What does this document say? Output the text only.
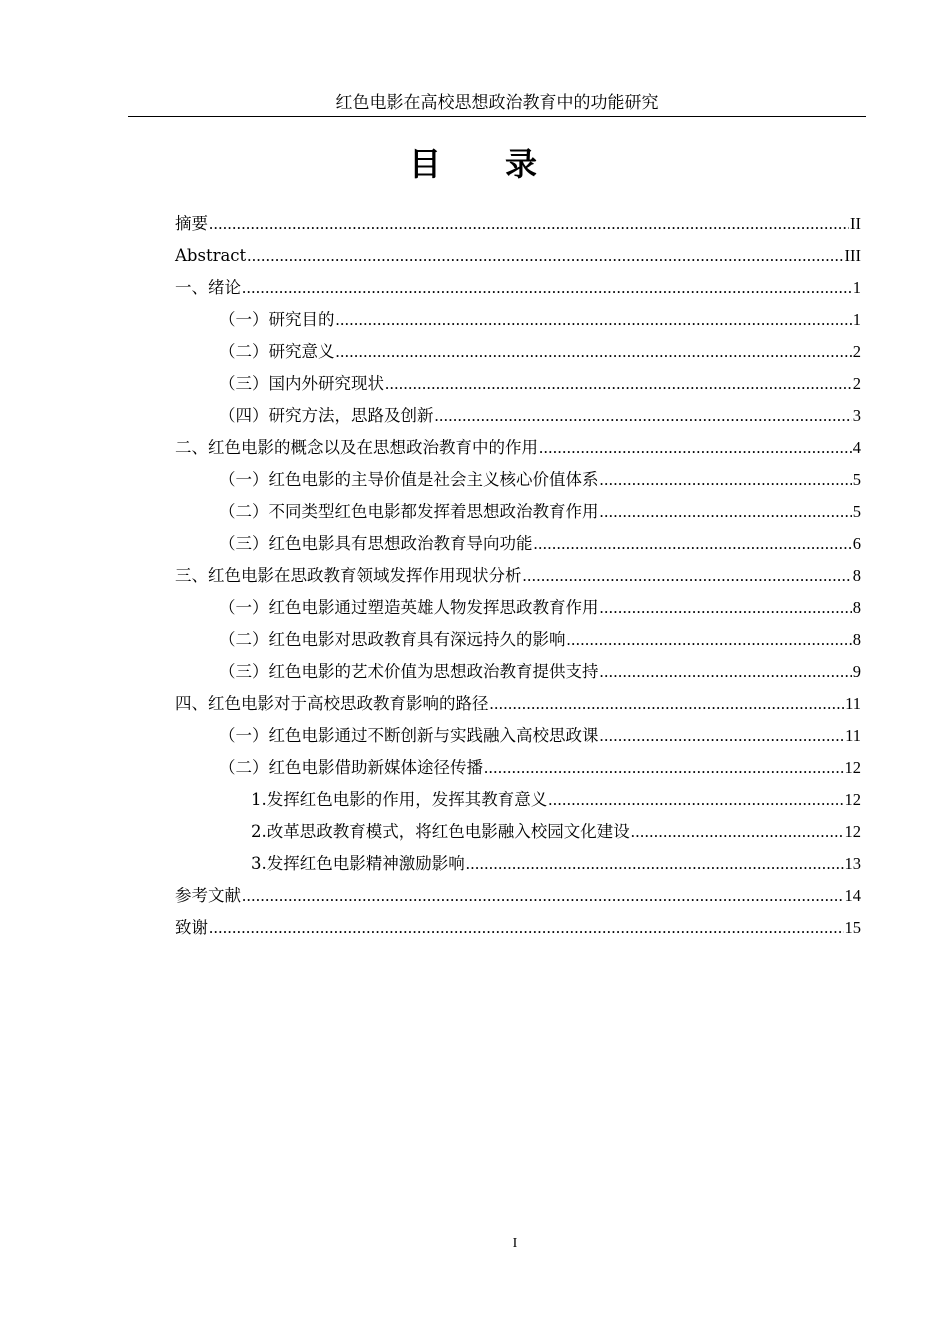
红色电影在高校思想政治教育中的功能研究
目录
摘要 .....	II
Abstract .....	III
一、绪论 .....	1
（一）研究目的 .....	1
（二）研究意义 .....	2
（三）国内外研究现状 .....	2
（四）研究方法，思路及创新 .....	3
二、红色电影的概念以及在思想政治教育中的作用 .....	4
（一）红色电影的主导价值是社会主义核心价值体系 .....	5
（二）不同类型红色电影都发挥着思想政治教育作用 .....	5
（三）红色电影具有思想政治教育导向功能 .....	6
三、红色电影在思政教育领域发挥作用现状分析 .....	8
（一）红色电影通过塑造英雄人物发挥思政教育作用 .....	8
（二）红色电影对思政教育具有深远持久的影响 .....	8
（三）红色电影的艺术价值为思想政治教育提供支持 .....	9
四、红色电影对于高校思政教育影响的路径 .....	11
（一）红色电影通过不断创新与实践融入高校思政课 .....	11
（二）红色电影借助新媒体途径传播 .....	12
1.发挥红色电影的作用，发挥其教育意义 .....	12
2.改革思政教育模式，将红色电影融入校园文化建设 .....	12
3.发挥红色电影精神激励影响 .....	13
参考文献 .....	14
致谢 .....	15
I
